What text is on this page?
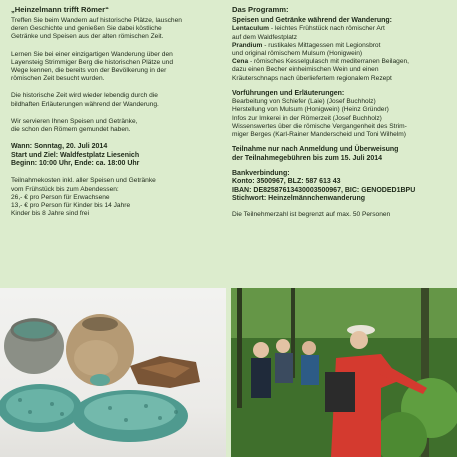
„Heinzelmann trifft Römer“

Treffen Sie beim Wandern auf historische Plätze, lauschen
deren Geschichte und genießen Sie dabei köstliche
Getränke und Speisen aus der alten römischen Zeit.

Lernen Sie bei einer einzigartigen Wanderung über den
Layensteig Strimmiger Berg die historischen Plätze und
Wege kennen, die bereits von der Bevölkerung in der
römischen Zeit besucht wurden.

Die historische Zeit wird wieder lebendig durch die
bildhaften Erläuterungen während der Wanderung.

Wir servieren Ihnen Speisen und Getränke,
die schon den Römern gemundet haben.

Wann: Sonntag, 20. Juli 2014
Start und Ziel: Waldfestplatz Liesenich
Beginn: 10:00 Uhr, Ende: ca. 18:00 Uhr

Teilnahmekosten inkl. aller Speisen und Getränke
vom Frühstück bis zum Abendessen:
26,- € pro Person für Erwachsene
13,- € pro Person für Kinder bis 14 Jahre
Kinder bis 8 Jahre sind frei

Das Programm:

Speisen und Getränke während der Wanderung:

Lentaculum - leichtes Frühstück nach römischer Art
auf dem Waldfestplatz
Prandium - rustikales Mittagessen mit Legionsbrot
und original römischem Mulsum (Honigwein)
Cena - römisches Kesselgulasch mit mediterranen Beilagen,
dazu einen Becher einheimischen Wein und einen
Kräuterschnaps nach überliefertem regionalem Rezept

Vorführungen und Erläuterungen:

Bearbeitung von Schiefer (Laie) (Josef Buchholz)
Herstellung von Mulsum (Honigwein) (Heinz Gründer)
Infos zur Imkerei in der Römerzeit (Josef Buchholz)
Wissenswertes über die römische Vergangenheit des Strim-
miger Berges (Karl-Rainer Manderscheid und Toni Wilhelm)

Teilnahme nur nach Anmeldung und Überweisung
der Teilnahmegebühren bis zum 15. Juli 2014

Bankverbindung:

Konto: 3500967, BLZ: 587 613 43
IBAN: DE82587613430003500967, BIC: GENODED1BPU
Stichwort: Heinzelmännchenwanderung

Die Teilnehmerzahl ist begrenzt auf max. 50 Personen
